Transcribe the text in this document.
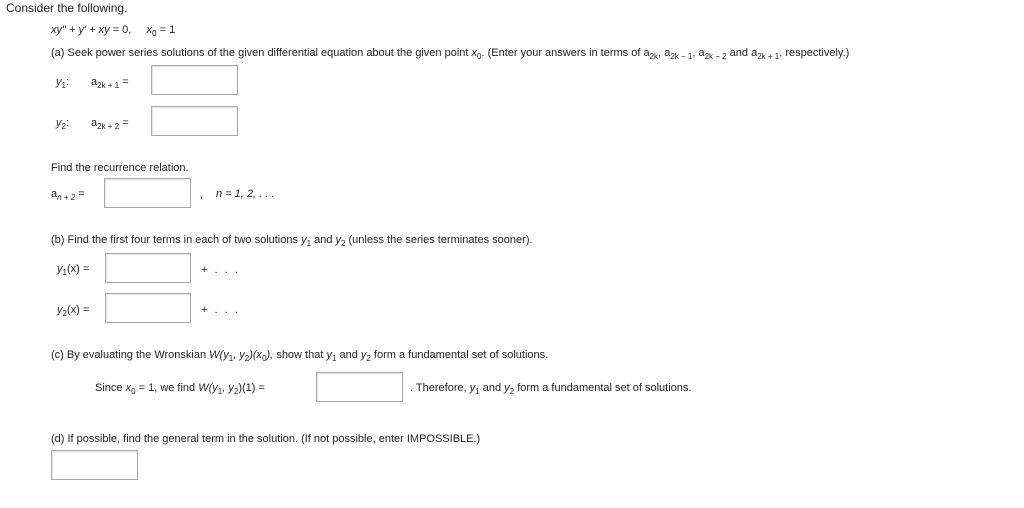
Consider the following.
xy" + y' + xy = 0, $x_0 = 1$
(a) Seek power series solutions of the given differential equation about the given point $x_0$. (Enter your answers in terms of $a_{2k}$, $a_{2k - 1}$, $a_{2k - 2}$ and $a_{2k + 1}$, respectively.)
$y_1$: $a_{2k + 1}$ =
$y_2$: $a_{2k + 2}$ =
Find the recurrence relation.
$a_{n + 2}$ =	, n = 1, 2, . . .
(b) Find the first four terms in each of two solutions $y_1$ and $y_2$ (unless the series terminates sooner).
$y_1(x)$ =	+ . . .
$y_2(x)$ =	+ . . .
(c) By evaluating the Wronskian $W(y_1$, $y_2)(x_0)$, show that $y_1$ and $y_2$ form a fundamental set of solutions.
Since $x_0 = 1$, we find $W(y_1$, $y_2)(1)$ =	. Therefore, $y_1$ and $y_2$ form a fundamental set of solutions.
(d) If possible, find the general term in the solution. (If not possible, enter IMPOSSIBLE.)
